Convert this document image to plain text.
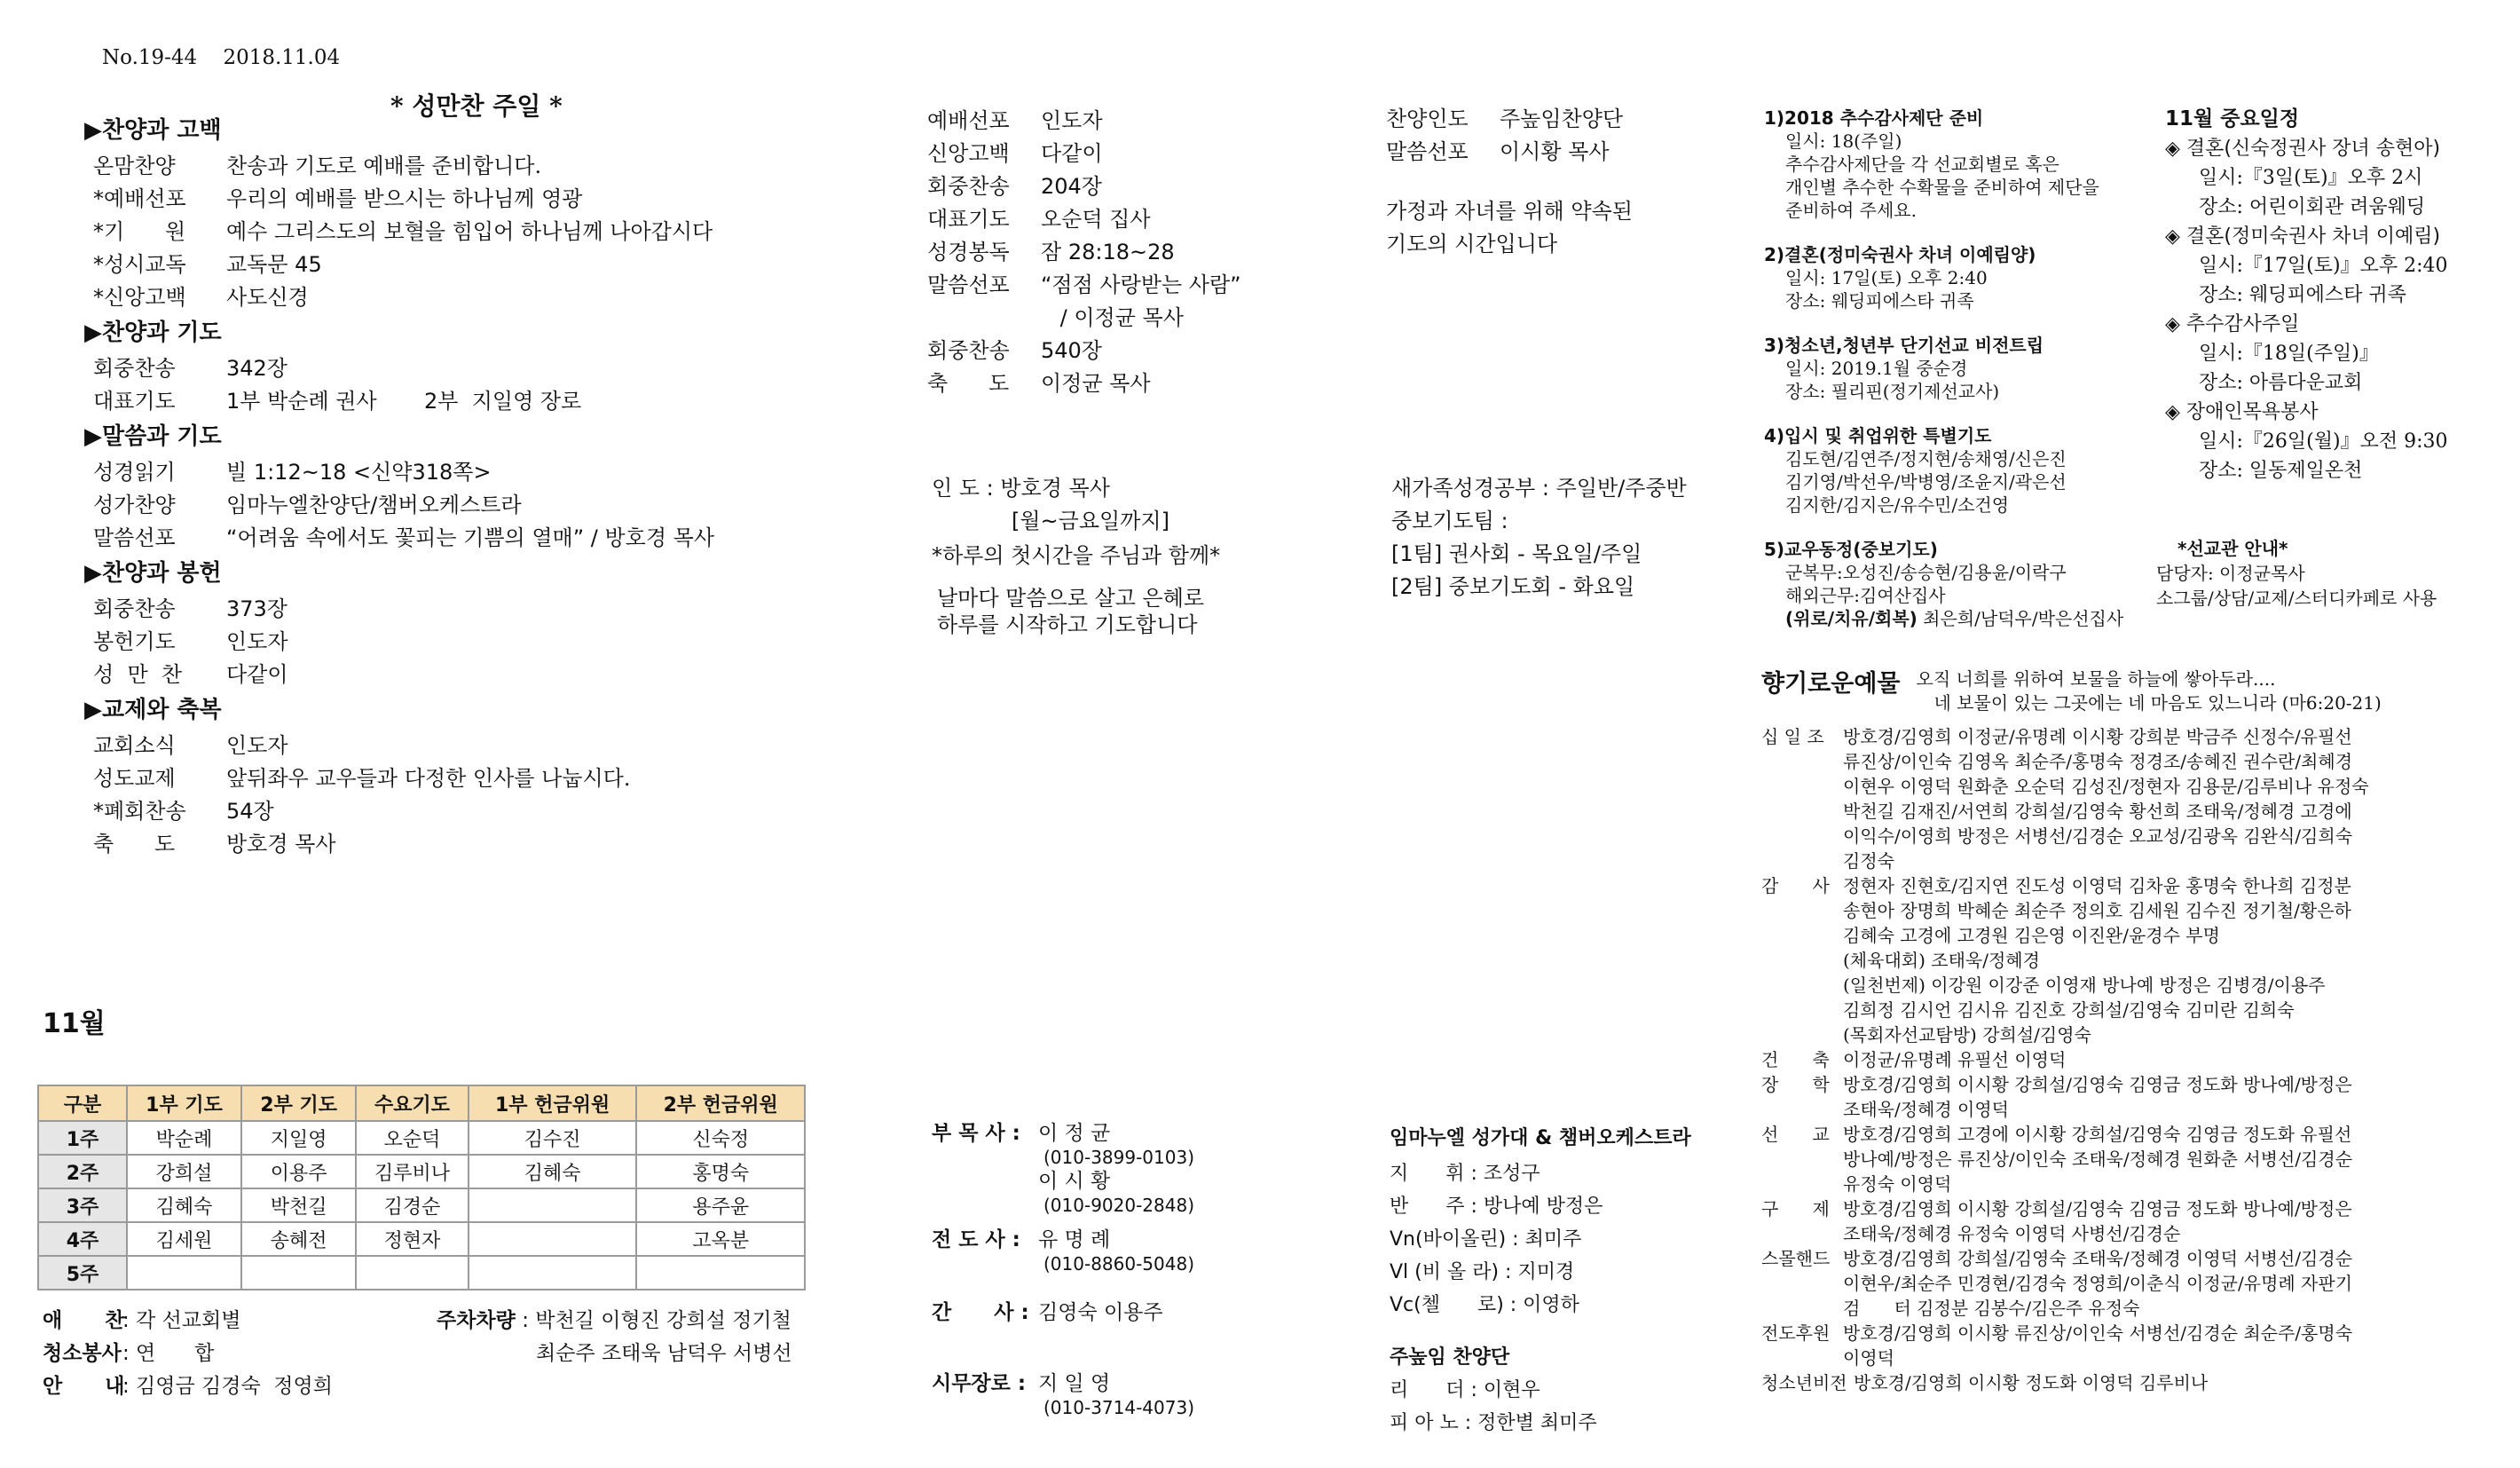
No.19-44 2018.11.04
* 성만찬 주일 *
▶찬양과 고백
온맘찬양	찬송과 기도로 예배를 준비합니다.
*예배선포	우리의 예배를 받으시는 하나님께 영광
*기      원	예수 그리스도의 보혈을 힘입어 하나님께 나아갑시다
*성시교독	교독문 45
*신앙고백	사도신경
▶찬양과 기도
회중찬송	342장
대표기도	1부 박순례 권사       2부  지일영 장로
▶말씀과 기도
성경읽기	빌 1:12~18 <신약318쪽>
성가찬양	임마누엘찬양단/챔버오케스트라
말씀선포	“어려움 속에서도 꽃피는 기쁨의 열매” / 방호경 목사
▶찬양과 봉헌
회중찬송	373장
봉헌기도	인도자
성  만  찬	다같이
▶교제와 축복
교회소식	인도자
성도교제	앞뒤좌우 교우들과 다정한 인사를 나눕시다.
*폐회찬송	54장
축      도	방호경 목사
11월
구분	1부 기도	2부 기도	수요기도	1부 헌금위원	2부 헌금위원
1주	박순례	지일영	오순덕	김수진	신숙정
2주	강희설	이용주	김루비나	김혜숙	홍명숙
3주	김혜숙	박천길	김경순		용주윤
4주	김세원	송혜전	정현자		고옥분
5주					
애      찬: 각 선교회별
청소봉사: 연      합
안      내: 김영금 김경숙  정영희
주차차량 : 박천길 이형진 강희설 정기철
최순주 조태욱 남덕우 서병선
예배선포 인도자
신앙고백 다같이
회중찬송 204장
대표기도 오순덕 집사
성경봉독 잠 28:18~28
말씀선포 “점점 사랑받는 사람”
/ 이정균 목사
회중찬송 540장
축      도 이정균 목사
인 도 : 방호경 목사
[월~금요일까지]
*하루의 첫시간을 주님과 함께*
날마다 말씀으로 살고 은혜로
하루를 시작하고 기도합니다
부 목 사 : 이 정 균
(010-3899-0103)
이 시 황
(010-9020-2848)
전 도 사 : 유 명 례
(010-8860-5048)
간      사 : 김영숙 이용주
시무장로 : 지 일 영
(010-3714-4073)
찬양인도 주높임찬양단
말씀선포 이시황 목사
가정과 자녀를 위해 약속된
기도의 시간입니다
새가족성경공부 : 주일반/주중반
중보기도팀 :
[1팀] 권사회 - 목요일/주일
[2팀] 중보기도회 - 화요일
임마누엘 성가대 & 챔버오케스트라
지      휘 : 조성구
반      주 : 방나예 방정은
Vn(바이올린) : 최미주
Vl (비 올 라) : 지미경
Vc(첼      로) : 이영하
주높임 찬양단
리      더 : 이현우
피 아 노 : 정한별 최미주
1)2018 추수감사제단 준비
일시: 18(주일)
추수감사제단을 각 선교회별로 혹은
개인별 추수한 수확물을 준비하여 제단을
준비하여 주세요.
2)결혼(정미숙권사 차녀 이예림양)
일시: 17일(토) 오후 2:40
장소: 웨딩피에스타 귀족
3)청소년,청년부 단기선교 비전트립
일시: 2019.1월 중순경
장소: 필리핀(정기제선교사)
4)입시 및 취업위한 특별기도
김도현/김연주/정지현/송채영/신은진
김기영/박선우/박병영/조윤지/곽은선
김지한/김지은/유수민/소건영
5)교우동정(중보기도)
군복무:오성진/송승현/김용윤/이락구
해외근무:김여산집사
(위로/치유/회복) 최은희/남덕우/박은선집사
11월 중요일정
◈ 결혼(신숙정권사 장녀 송현아)
일시:『3일(토)』오후 2시
장소: 어린이회관 려움웨딩
◈ 결혼(정미숙권사 차녀 이예림)
일시:『17일(토)』오후 2:40
장소: 웨딩피에스타 귀족
◈ 추수감사주일
일시:『18일(주일)』
장소: 아름다운교회
◈ 장애인목욕봉사
일시:『26일(월)』오전 9:30
장소: 일동제일온천
*선교관 안내*
담당자: 이정균목사
소그룹/상담/교제/스터디카페로 사용
향기로운예물 오직 너희를 위하여 보물을 하늘에 쌓아두라....
네 보물이 있는 그곳에는 네 마음도 있느니라 (마6:20-21)
십 일 조	방호경/김영희 이정균/유명례 이시황 강희분 박금주 신정수/유필선
류진상/이인숙 김영옥 최순주/홍명숙 정경조/송혜진 권수란/최혜경
이현우 이영덕 원화춘 오순덕 김성진/정현자 김용문/김루비나 유정숙
박천길 김재진/서연희 강희설/김영숙 황선희 조태욱/정혜경 고경에
이익수/이영희 방정은 서병선/김경순 오교성/김광옥 김완식/김희숙
김정숙
감      사 정현자 진현호/김지연 진도성 이영덕 김차윤 홍명숙 한나희 김정분
송현아 장명희 박혜순 최순주 정의호 김세원 김수진 정기철/황은하
김혜숙 고경에 고경원 김은영 이진완/윤경수 부명
(체육대회) 조태욱/정혜경
(일천번제) 이강원 이강준 이영재 방나예 방정은 김병경/이용주
김희정 김시언 김시유 김진호 강희설/김영숙 김미란 김희숙
(목회자선교탐방) 강희설/김영숙
건      축 이정균/유명례 유필선 이영덕
장      학 방호경/김영희 이시황 강희설/김영숙 김영금 정도화 방나예/방정은
조태욱/정혜경 이영덕
선      교 방호경/김영희 고경에 이시황 강희설/김영숙 김영금 정도화 유필선
방나예/방정은 류진상/이인숙 조태욱/정혜경 원화춘 서병선/김경순
유정숙 이영덕
구      제 방호경/김영희 이시황 강희설/김영숙 김영금 정도화 방나예/방정은
조태욱/정혜경 유정숙 이영덕 사병선/김경순
스몰핸드 방호경/김영희 강희설/김영숙 조태욱/정혜경 이영덕 서병선/김경순
이현우/최순주 민경현/김경숙 정영희/이춘식 이정균/유명례 자판기
검      터 김정분 김봉수/김은주 유정숙
전도후원 방호경/김영희 이시황 류진상/이인숙 서병선/김경순 최순주/홍명숙
이영덕
청소년비전 방호경/김영희 이시황 정도화 이영덕 김루비나
